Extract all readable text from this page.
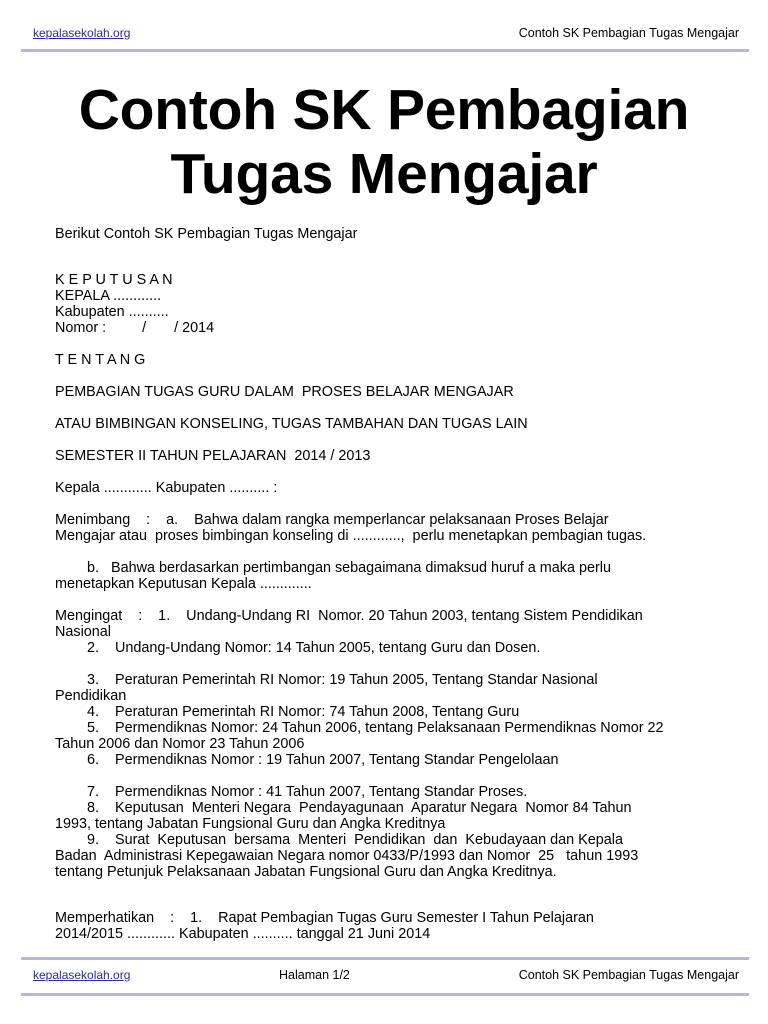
kepalasekolah.org	Contoh SK Pembagian Tugas Mengajar
Contoh SK Pembagian
Tugas Mengajar
Berikut Contoh SK Pembagian Tugas Mengajar
K E P U T U S A N
KEPALA ............
Kabupaten ..........
Nomor :         /       / 2014
T E N T A N G
PEMBAGIAN TUGAS GURU DALAM  PROSES BELAJAR MENGAJAR
ATAU BIMBINGAN KONSELING, TUGAS TAMBAHAN DAN TUGAS LAIN
SEMESTER II TAHUN PELAJARAN  2014 / 2013
Kepala ............ Kabupaten .......... :
Menimbang    :    a.    Bahwa dalam rangka memperlancar pelaksanaan Proses Belajar
Mengajar atau  proses bimbingan konseling di ............,  perlu menetapkan pembagian tugas.
b.   Bahwa berdasarkan pertimbangan sebagaimana dimaksud huruf a maka perlu
menetapkan Keputusan Kepala .............
Mengingat    :    1.    Undang-Undang RI  Nomor. 20 Tahun 2003, tentang Sistem Pendidikan
Nasional
2.    Undang-Undang Nomor: 14 Tahun 2005, tentang Guru dan Dosen.
3.    Peraturan Pemerintah RI Nomor: 19 Tahun 2005, Tentang Standar Nasional
Pendidikan
4.    Peraturan Pemerintah RI Nomor: 74 Tahun 2008, Tentang Guru
5.    Permendiknas Nomor: 24 Tahun 2006, tentang Pelaksanaan Permendiknas Nomor 22
Tahun 2006 dan Nomor 23 Tahun 2006
6.    Permendiknas Nomor : 19 Tahun 2007, Tentang Standar Pengelolaan
7.    Permendiknas Nomor : 41 Tahun 2007, Tentang Standar Proses.
8.    Keputusan  Menteri Negara  Pendayagunaan  Aparatur Negara  Nomor 84 Tahun
1993, tentang Jabatan Fungsional Guru dan Angka Kreditnya
9.    Surat  Keputusan  bersama  Menteri  Pendidikan  dan  Kebudayaan dan Kepala
Badan  Administrasi Kepegawaian Negara nomor 0433/P/1993 dan Nomor  25   tahun 1993
tentang Petunjuk Pelaksanaan Jabatan Fungsional Guru dan Angka Kreditnya.
Memperhatikan    :    1.    Rapat Pembagian Tugas Guru Semester I Tahun Pelajaran
2014/2015 ............ Kabupaten .......... tanggal 21 Juni 2014
kepalasekolah.org	Halaman 1/2	Contoh SK Pembagian Tugas Mengajar
